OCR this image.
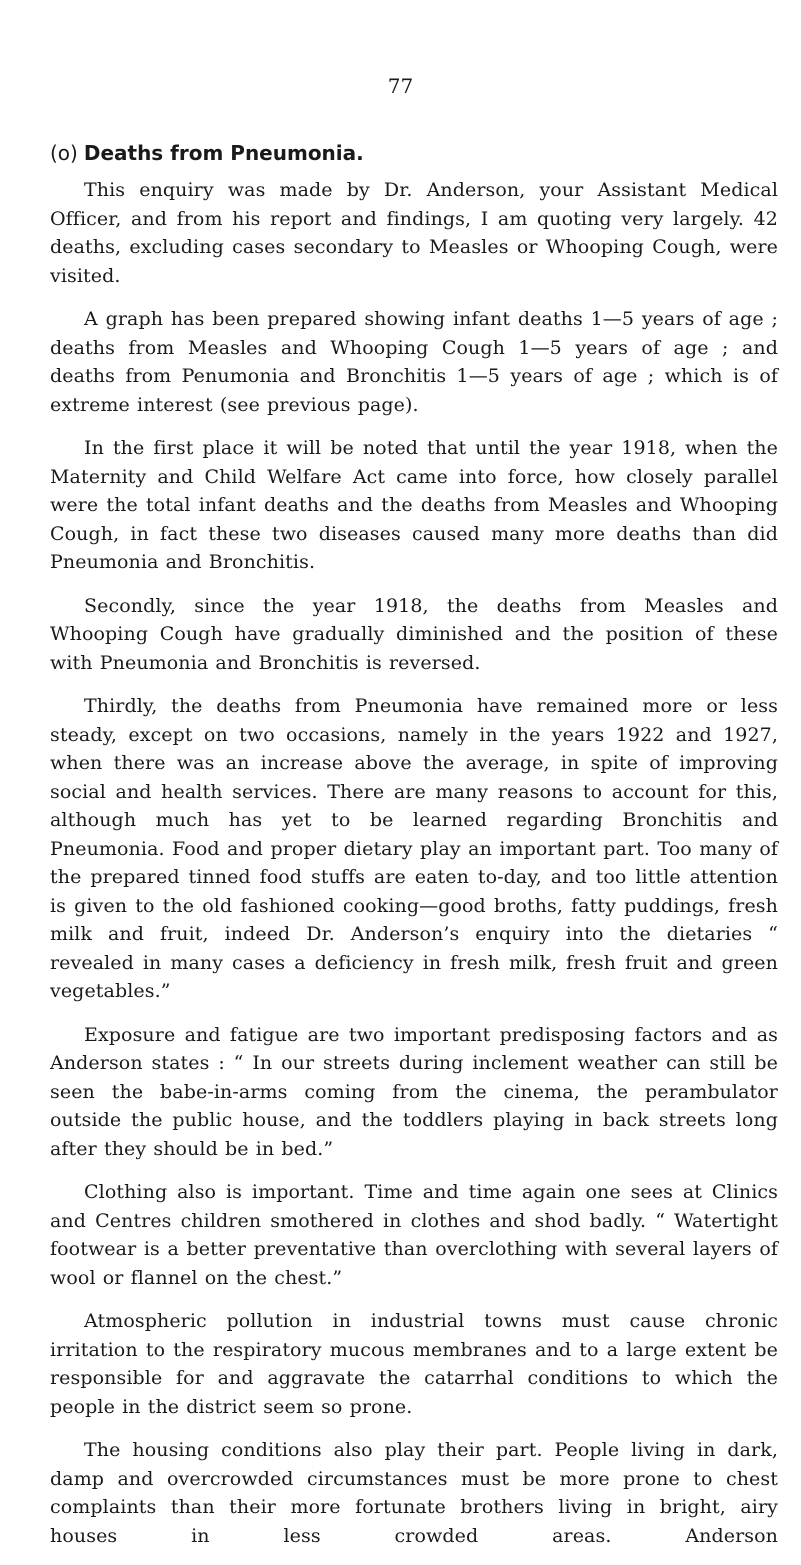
77
(o) Deaths from Pneumonia.

This enquiry was made by Dr. Anderson, your Assistant Medical Officer, and from his report and findings, I am quoting very largely. 42 deaths, excluding cases secondary to Measles or Whooping Cough, were visited.

A graph has been prepared showing infant deaths 1—5 years of age ; deaths from Measles and Whooping Cough 1—5 years of age ; and deaths from Penumonia and Bronchitis 1—5 years of age ; which is of extreme interest (see previous page).

In the first place it will be noted that until the year 1918, when the Maternity and Child Welfare Act came into force, how closely parallel were the total infant deaths and the deaths from Measles and Whooping Cough, in fact these two diseases caused many more deaths than did Pneumonia and Bronchitis.

Secondly, since the year 1918, the deaths from Measles and Whooping Cough have gradually diminished and the position of these with Pneumonia and Bronchitis is reversed.

Thirdly, the deaths from Pneumonia have remained more or less steady, except on two occasions, namely in the years 1922 and 1927, when there was an increase above the average, in spite of improving social and health services. There are many reasons to account for this, although much has yet to be learned regarding Bronchitis and Pneumonia. Food and proper dietary play an important part. Too many of the prepared tinned food stuffs are eaten to-day, and too little attention is given to the old fashioned cooking—good broths, fatty puddings, fresh milk and fruit, indeed Dr. Anderson’s enquiry into the dietaries “ revealed in many cases a deficiency in fresh milk, fresh fruit and green vegetables.”

Exposure and fatigue are two important predisposing factors and as Anderson states : “ In our streets during inclement weather can still be seen the babe-in-arms coming from the cinema, the perambulator outside the public house, and the toddlers playing in back streets long after they should be in bed.”

Clothing also is important. Time and time again one sees at Clinics and Centres children smothered in clothes and shod badly. “ Watertight footwear is a better preventative than overclothing with several layers of wool or flannel on the chest.”

Atmospheric pollution in industrial towns must cause chronic irritation to the respiratory mucous membranes and to a large extent be responsible for and aggravate the catarrhal conditions to which the people in the district seem so prone.

The housing conditions also play their part. People living in dark, damp and overcrowded circumstances must be more prone to chest complaints than their more fortunate brothers living in bright, airy houses in less crowded areas. Anderson
